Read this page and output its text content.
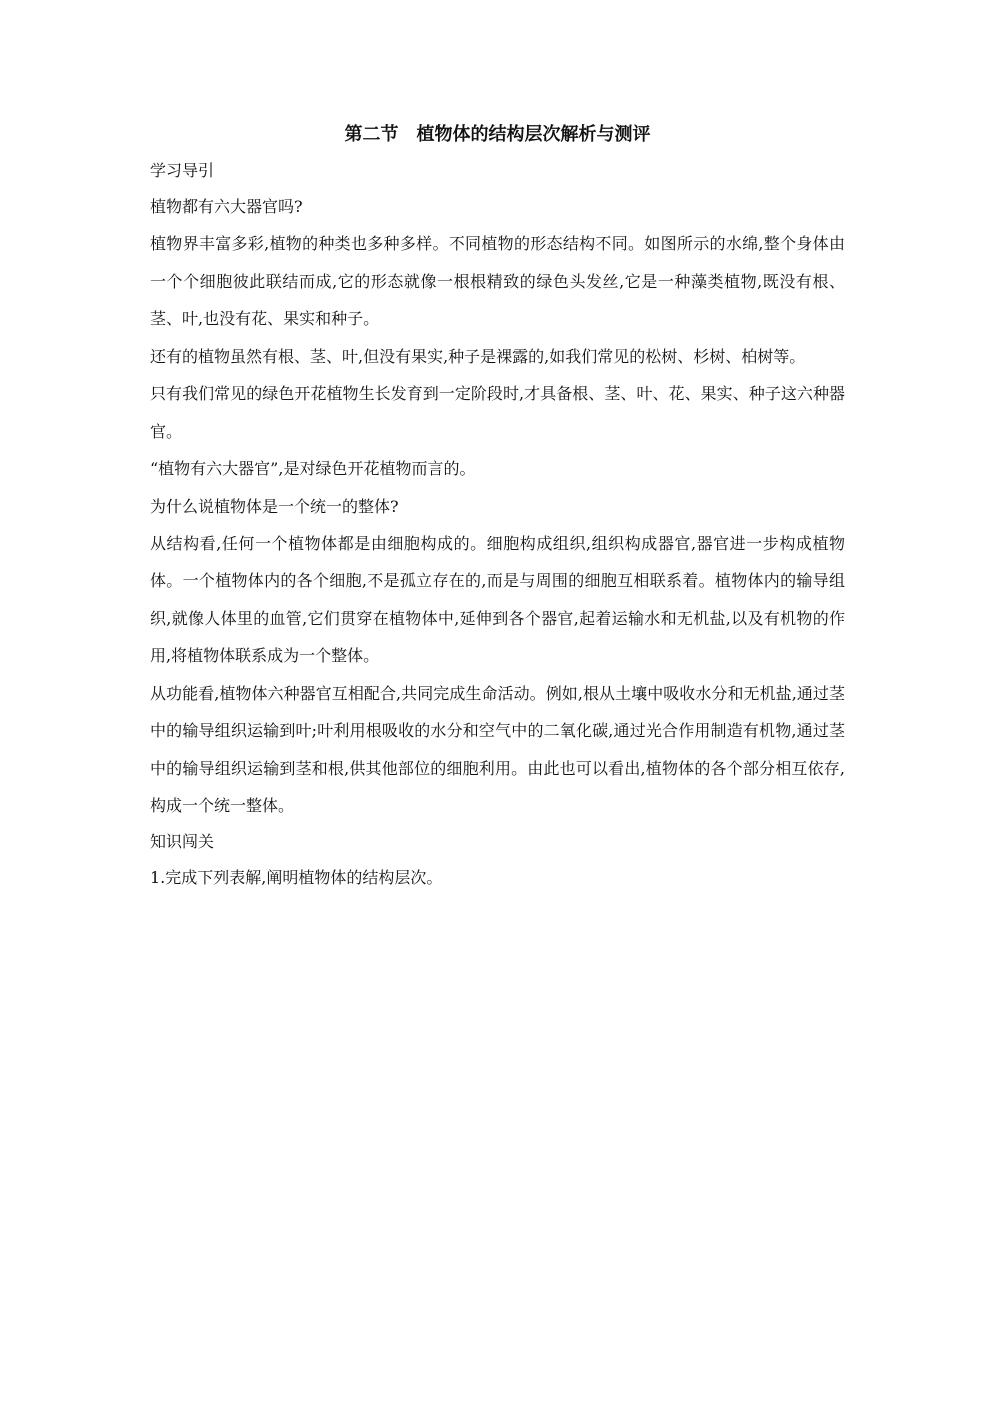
第二节　植物体的结构层次解析与测评

学习导引

植物都有六大器官吗?

植物界丰富多彩,植物的种类也多种多样。不同植物的形态结构不同。如图所示的水绵,整个身体由一个个细胞彼此联结而成,它的形态就像一根根精致的绿色头发丝,它是一种藻类植物,既没有根、茎、叶,也没有花、果实和种子。

还有的植物虽然有根、茎、叶,但没有果实,种子是裸露的,如我们常见的松树、杉树、柏树等。

只有我们常见的绿色开花植物生长发育到一定阶段时,才具备根、茎、叶、花、果实、种子这六种器官。

“植物有六大器官”,是对绿色开花植物而言的。

为什么说植物体是一个统一的整体?

从结构看,任何一个植物体都是由细胞构成的。细胞构成组织,组织构成器官,器官进一步构成植物体。一个植物体内的各个细胞,不是孤立存在的,而是与周围的细胞互相联系着。植物体内的输导组织,就像人体里的血管,它们贯穿在植物体中,延伸到各个器官,起着运输水和无机盐,以及有机物的作用,将植物体联系成为一个整体。

从功能看,植物体六种器官互相配合,共同完成生命活动。例如,根从土壤中吸收水分和无机盐,通过茎中的输导组织运输到叶;叶利用根吸收的水分和空气中的二氧化碳,通过光合作用制造有机物,通过茎中的输导组织运输到茎和根,供其他部位的细胞利用。由此也可以看出,植物体的各个部分相互依存,构成一个统一整体。

知识闯关

1.完成下列表解,阐明植物体的结构层次。
